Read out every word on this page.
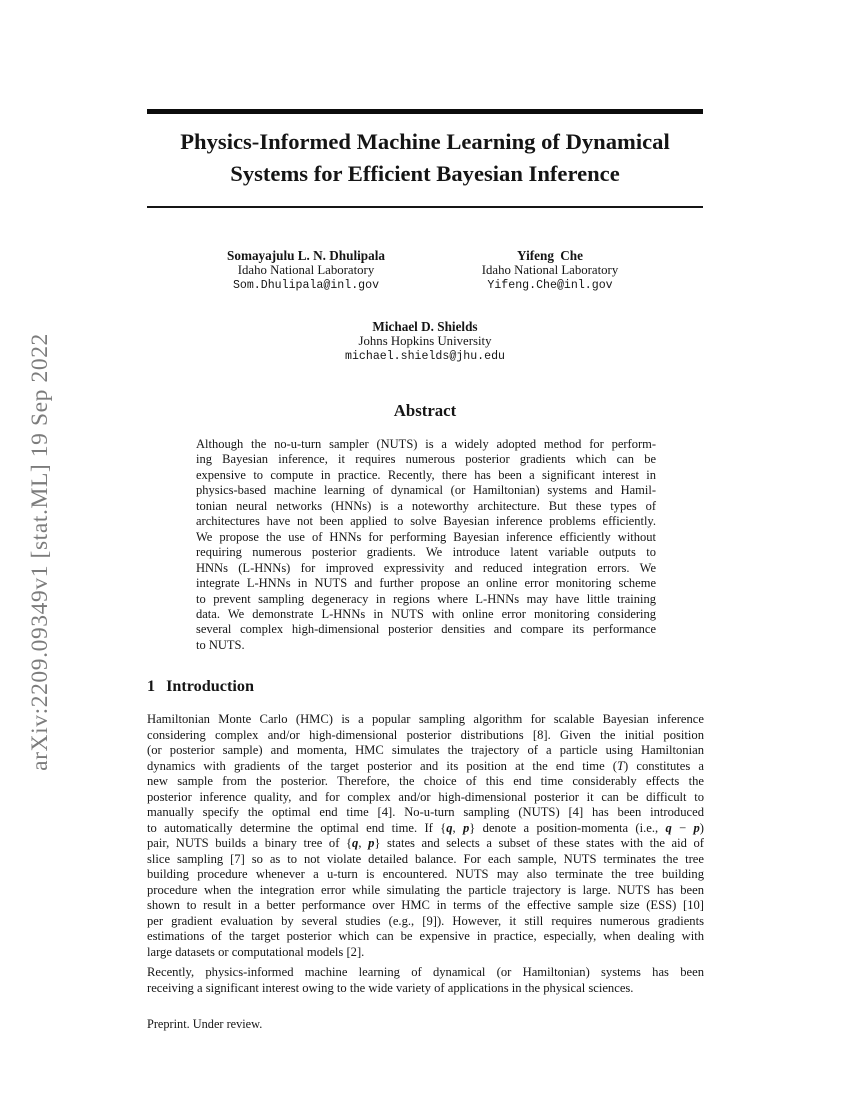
arXiv:2209.09349v1 [stat.ML] 19 Sep 2022
Physics-Informed Machine Learning of Dynamical
Systems for Efficient Bayesian Inference
Somayajulu L. N. Dhulipala
Idaho National Laboratory
Som.Dhulipala@inl.gov
Yifeng Che
Idaho National Laboratory
Yifeng.Che@inl.gov
Michael D. Shields
Johns Hopkins University
michael.shields@jhu.edu
Abstract
Although the no-u-turn sampler (NUTS) is a widely adopted method for perform-
ing Bayesian inference, it requires numerous posterior gradients which can be
expensive to compute in practice. Recently, there has been a significant interest in
physics-based machine learning of dynamical (or Hamiltonian) systems and Hamil-
tonian neural networks (HNNs) is a noteworthy architecture. But these types of
architectures have not been applied to solve Bayesian inference problems efficiently.
We propose the use of HNNs for performing Bayesian inference efficiently without
requiring numerous posterior gradients. We introduce latent variable outputs to
HNNs (L-HNNs) for improved expressivity and reduced integration errors. We
integrate L-HNNs in NUTS and further propose an online error monitoring scheme
to prevent sampling degeneracy in regions where L-HNNs may have little training
data. We demonstrate L-HNNs in NUTS with online error monitoring considering
several complex high-dimensional posterior densities and compare its performance
to NUTS.
1 Introduction
Hamiltonian Monte Carlo (HMC) is a popular sampling algorithm for scalable Bayesian inference
considering complex and/or high-dimensional posterior distributions [8]. Given the initial position
(or posterior sample) and momenta, HMC simulates the trajectory of a particle using Hamiltonian
dynamics with gradients of the target posterior and its position at the end time (T) constitutes a
new sample from the posterior. Therefore, the choice of this end time considerably effects the
posterior inference quality, and for complex and/or high-dimensional posterior it can be difficult to
manually specify the optimal end time [4]. No-u-turn sampling (NUTS) [4] has been introduced
to automatically determine the optimal end time. If {q, p} denote a position-momenta (i.e., q − p)
pair, NUTS builds a binary tree of {q, p} states and selects a subset of these states with the aid of
slice sampling [7] so as to not violate detailed balance. For each sample, NUTS terminates the tree
building procedure whenever a u-turn is encountered. NUTS may also terminate the tree building
procedure when the integration error while simulating the particle trajectory is large. NUTS has been
shown to result in a better performance over HMC in terms of the effective sample size (ESS) [10]
per gradient evaluation by several studies (e.g., [9]). However, it still requires numerous gradients
estimations of the target posterior which can be expensive in practice, especially, when dealing with
large datasets or computational models [2].
Recently, physics-informed machine learning of dynamical (or Hamiltonian) systems has been
receiving a significant interest owing to the wide variety of applications in the physical sciences.
Preprint. Under review.
